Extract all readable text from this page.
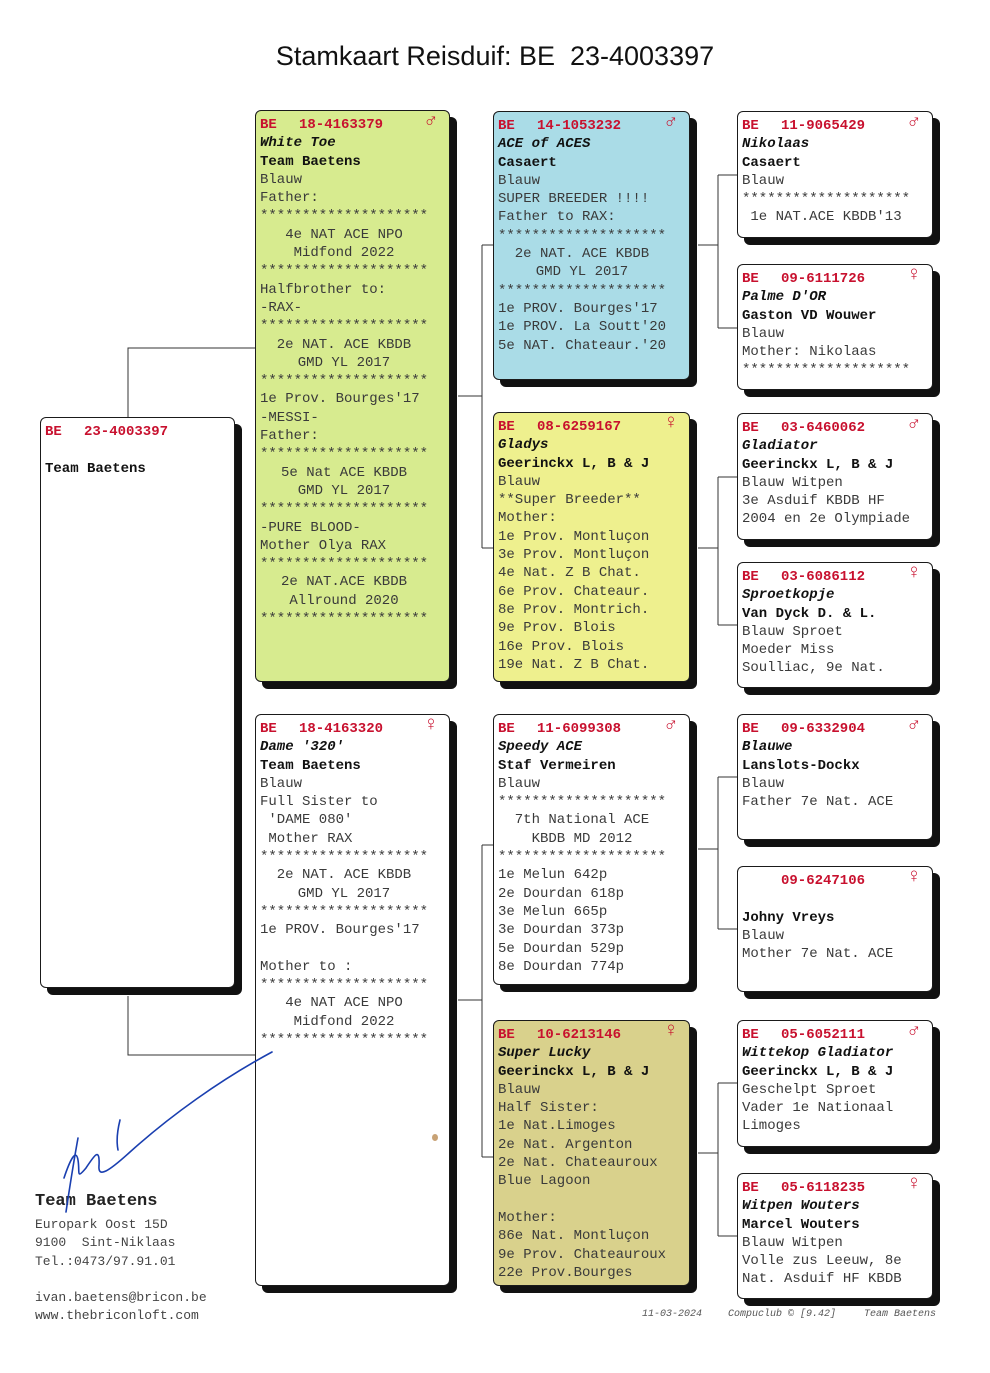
Stamkaart Reisduif: BE  23-4003397
BE 23-4003397
Team Baetens
BE 18-4163379 ♂
White Toe
Team Baetens
Blauw
Father:
********************
4e NAT ACE NPO
Midfond 2022
********************
Halfbrother to:
-RAX-
********************
2e NAT. ACE KBDB
GMD YL 2017
********************
1e Prov. Bourges'17
-MESSI-
Father:
********************
5e Nat ACE KBDB
GMD YL 2017
********************
-PURE BLOOD-
Mother Olya RAX
********************
2e NAT.ACE KBDB
Allround 2020
********************
BE 18-4163320 ♀
Dame '320'
Team Baetens
Blauw
Full Sister to
'DAME 080'
Mother RAX
********************
2e NAT. ACE KBDB
GMD YL 2017
********************
1e PROV. Bourges'17
Mother to :
********************
4e NAT ACE NPO
Midfond 2022
********************
BE 14-1053232 ♂
ACE of ACES
Casaert
Blauw
SUPER BREEDER !!!!
Father to RAX:
********************
2e NAT. ACE KBDB
GMD YL 2017
********************
1e PROV. Bourges'17
1e PROV. La Soutt'20
5e NAT. Chateaur.'20
BE 08-6259167 ♀
Gladys
Geerinckx L, B & J
Blauw
**Super Breeder**
Mother:
1e Prov. Montluçon
3e Prov. Montluçon
4e Nat. Z B Chat.
6e Prov. Chateaur.
8e Prov. Montrich.
9e Prov. Blois
16e Prov. Blois
19e Nat. Z B Chat.
BE 11-6099308 ♂
Speedy ACE
Staf Vermeiren
Blauw
********************
7th National ACE
KBDB MD 2012
********************
1e Melun 642p
2e Dourdan 618p
3e Melun 665p
3e Dourdan 373p
5e Dourdan 529p
8e Dourdan 774p
BE 10-6213146 ♀
Super Lucky
Geerinckx L, B & J
Blauw
Half Sister:
1e Nat.Limoges
2e Nat. Argenton
2e Nat. Chateauroux
Blue Lagoon
Mother:
86e Nat. Montluçon
9e Prov. Chateauroux
22e Prov.Bourges
BE 11-9065429 ♂
Nikolaas
Casaert
Blauw
********************
1e NAT.ACE KBDB'13
BE 09-6111726 ♀
Palme D'OR
Gaston VD Wouwer
Blauw
Mother: Nikolaas
********************
BE 03-6460062 ♂
Gladiator
Geerinckx L, B & J
Blauw Witpen
3e Asduif KBDB HF
2004 en 2e Olympiade
BE 03-6086112 ♀
Sproetkopje
Van Dyck D. & L.
Blauw Sproet
Moeder Miss
Soulliac, 9e Nat.
BE 09-6332904 ♂
Blauwe
Lanslots-Dockx
Blauw
Father 7e Nat. ACE
09-6247106 ♀
Johny Vreys
Blauw
Mother 7e Nat. ACE
BE 05-6052111 ♂
Wittekop Gladiator
Geerinckx L, B & J
Geschelpt Sproet
Vader 1e Nationaal
Limoges
BE 05-6118235 ♀
Witpen Wouters
Marcel Wouters
Blauw Witpen
Volle zus Leeuw, 8e
Nat. Asduif HF KBDB
Team Baetens
Europark Oost 15D
9100  Sint-Niklaas
Tel.:0473/97.91.01
ivan.baetens@bricon.be
www.thebriconloft.com	11-03-2024	Compuclub © [9.42]	Team Baetens
